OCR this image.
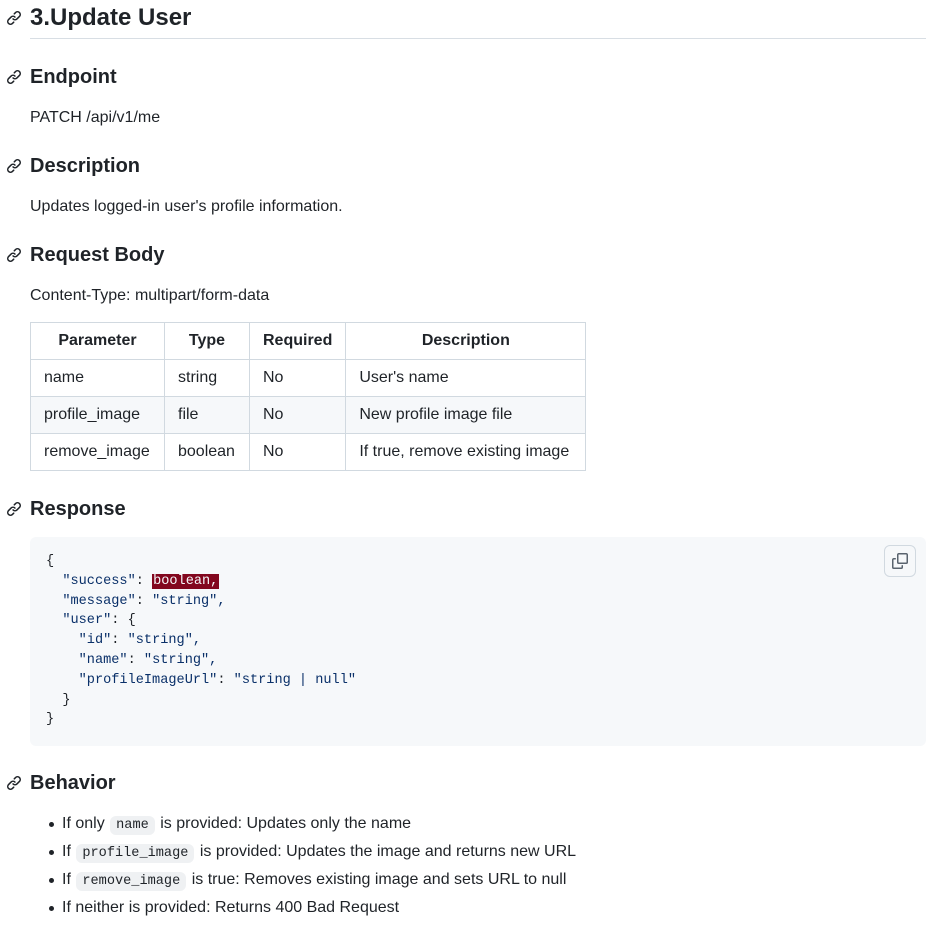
3.Update User
Endpoint

PATCH /api/v1/me

Description

Updates logged-in user's profile information.

Request Body

Content-Type: multipart/form-data

Parameter	Type	Required	Description
name	string	No	User's name
profile_image	file	No	New profile image file
remove_image	boolean	No	If true, remove existing image
Response
{
"success": boolean,
"message": "string",
"user": {
"id": "string",
"name": "string",
"profileImageUrl": "string | null"
}
}
Behavior
If only name is provided: Updates only the name
If profile_image is provided: Updates the image and returns new URL
If remove_image is true: Removes existing image and sets URL to null
If neither is provided: Returns 400 Bad Request
